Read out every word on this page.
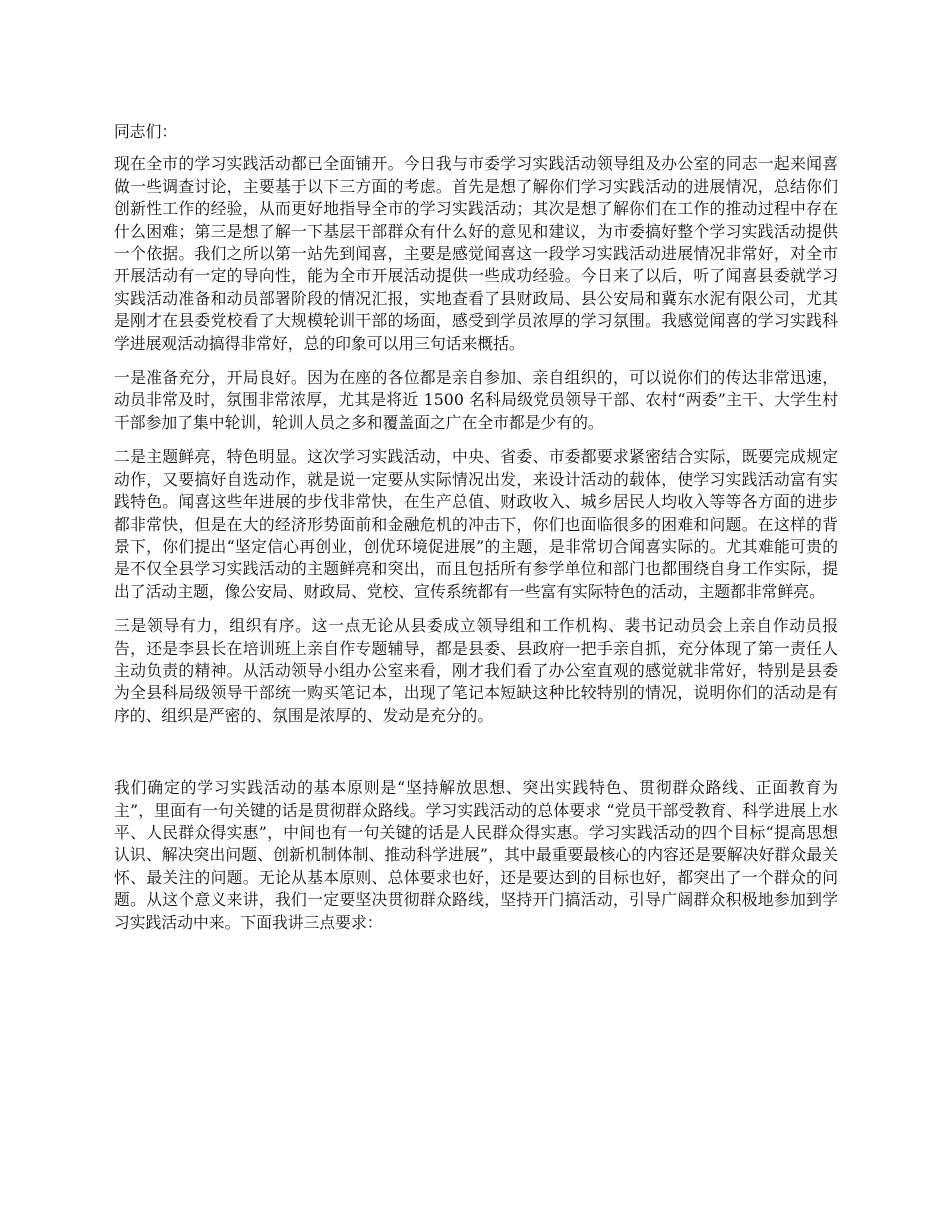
同志们：

现在全市的学习实践活动都已全面铺开。今日我与市委学习实践活动领导组及办公室的同志一起来闻喜做一些调查讨论，主要基于以下三方面的考虑。首先是想了解你们学习实践活动的进展情况，总结你们创新性工作的经验，从而更好地指导全市的学习实践活动；其次是想了解你们在工作的推动过程中存在什么困难；第三是想了解一下基层干部群众有什么好的意见和建议，为市委搞好整个学习实践活动提供一个依据。我们之所以第一站先到闻喜，主要是感觉闻喜这一段学习实践活动进展情况非常好，对全市开展活动有一定的导向性，能为全市开展活动提供一些成功经验。今日来了以后，听了闻喜县委就学习实践活动准备和动员部署阶段的情况汇报，实地查看了县财政局、县公安局和冀东水泥有限公司，尤其是刚才在县委党校看了大规模轮训干部的场面，感受到学员浓厚的学习氛围。我感觉闻喜的学习实践科学进展观活动搞得非常好，总的印象可以用三句话来概括。

一是准备充分，开局良好。因为在座的各位都是亲自参加、亲自组织的，可以说你们的传达非常迅速，动员非常及时，氛围非常浓厚，尤其是将近 1500 名科局级党员领导干部、农村“两委”主干、大学生村干部参加了集中轮训，轮训人员之多和覆盖面之广在全市都是少有的。

二是主题鲜亮，特色明显。这次学习实践活动，中央、省委、市委都要求紧密结合实际，既要完成规定动作，又要搞好自选动作，就是说一定要从实际情况出发，来设计活动的载体，使学习实践活动富有实践特色。闻喜这些年进展的步伐非常快，在生产总值、财政收入、城乡居民人均收入等等各方面的进步都非常快，但是在大的经济形势面前和金融危机的冲击下，你们也面临很多的困难和问题。在这样的背景下，你们提出“坚定信心再创业，创优环境促进展”的主题，是非常切合闻喜实际的。尤其难能可贵的是不仅全县学习实践活动的主题鲜亮和突出，而且包括所有参学单位和部门也都围绕自身工作实际，提出了活动主题，像公安局、财政局、党校、宣传系统都有一些富有实际特色的活动，主题都非常鲜亮。

三是领导有力，组织有序。这一点无论从县委成立领导组和工作机构、裴书记动员会上亲自作动员报告，还是李县长在培训班上亲自作专题辅导，都是县委、县政府一把手亲自抓，充分体现了第一责任人主动负责的精神。从活动领导小组办公室来看，刚才我们看了办公室直观的感觉就非常好，特别是县委为全县科局级领导干部统一购买笔记本，出现了笔记本短缺这种比较特别的情况，说明你们的活动是有序的、组织是严密的、氛围是浓厚的、发动是充分的。

我们确定的学习实践活动的基本原则是“坚持解放思想、突出实践特色、贯彻群众路线、正面教育为主”，里面有一句关键的话是贯彻群众路线。学习实践活动的总体要求 “党员干部受教育、科学进展上水平、人民群众得实惠”，中间也有一句关键的话是人民群众得实惠。学习实践活动的四个目标“提高思想认识、解决突出问题、创新机制体制、推动科学进展”，其中最重要最核心的内容还是要解决好群众最关怀、最关注的问题。无论从基本原则、总体要求也好，还是要达到的目标也好，都突出了一个群众的问题。从这个意义来讲，我们一定要坚决贯彻群众路线，坚持开门搞活动，引导广阔群众积极地参加到学习实践活动中来。下面我讲三点要求：
